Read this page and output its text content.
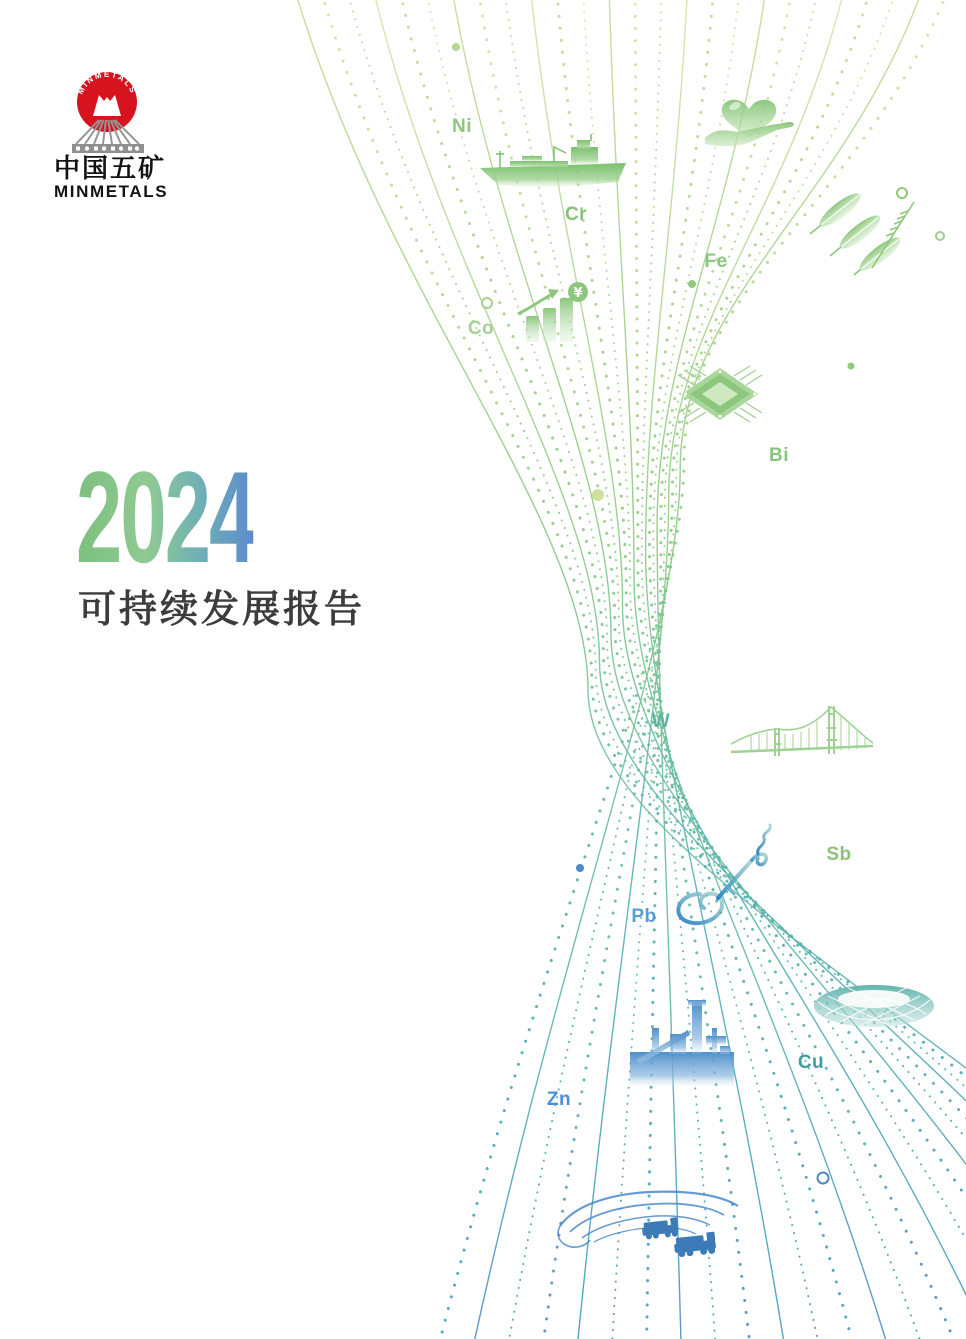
MINMETALS
中国五矿
MINMETALS
2024
可持续发展报告
Ni
Cr
Fe
Co
Bi
W
Sb
Pb
Cu
Zn
¥
